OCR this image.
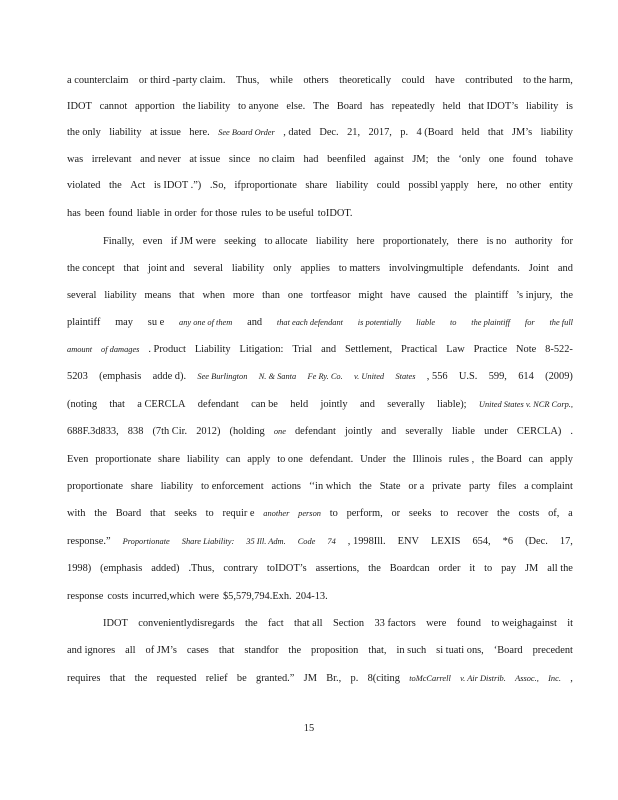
a counterclaim or third -party claim. Thus, while others theoretically could have contributed to the harm,
IDOT cannot apportion the liability to anyone else. The Board has repeatedly held that IDOT’s liability is
the only liability at issue here. See Board Order , dated Dec. 21, 2017, p. 4 (Board held that JM’s liability
was irrelevant and never at issue since no claim had beenfiled against JM; the ‘only one found tohave
violated the Act is IDOT .”) .So, ifproportionate share liability could possibl yapply here, no other entity
has been found liable in order for those rules to be useful toIDOT.
Finally, even if JM were seeking to allocate liability here proportionately, there is no authority for
the concept that joint and several liability only applies to matters involvingmultiple defendants. Joint and
several liability means that when more than one tortfeasor might have caused the plaintiff ’s injury, the
plaintiff may su e any one of them and that each defendant is potentially liable to the plaintiff for the full
amount of damages . Product Liability Litigation: Trial and Settlement, Practical Law Practice Note 8-522-
5203 (emphasis adde d). See Burlington N. & Santa Fe Ry. Co. v. United States , 556 U.S. 599, 614 (2009)
(noting that a CERCLA defendant can be held jointly and severally liable); United States v. NCR Corp.,
688F.3d833, 838 (7th Cir. 2012) (holding one defendant jointly and severally liable under CERCLA) .
Even proportionate share liability can apply to one defendant. Under the Illinois rules , the Board can apply
proportionate share liability to enforcement actions ‘‘in which the State or a private party files a complaint
with the Board that seeks to requir e another person to perform, or seeks to recover the costs of, a
response.” Proportionate Share Liability: 35 Ill. Adm. Code 74 , 1998Ill. ENV LEXIS 654, *6 (Dec. 17,
1998) (emphasis added) .Thus, contrary toIDOT’s assertions, the Boardcan order it to pay JM all the
response costs incurred,which were $5,579,794.Exh. 204-13.
IDOT convenientlydisregards the fact that all Section 33 factors were found to weighagainst it
and ignores all of JM’s cases that standfor the proposition that, in such si tuati ons, ‘Board precedent
requires that the requested relief be granted.” JM Br., p. 8(citing toMcCarrell v. Air Distrib. Assoc., Inc. ,
15
